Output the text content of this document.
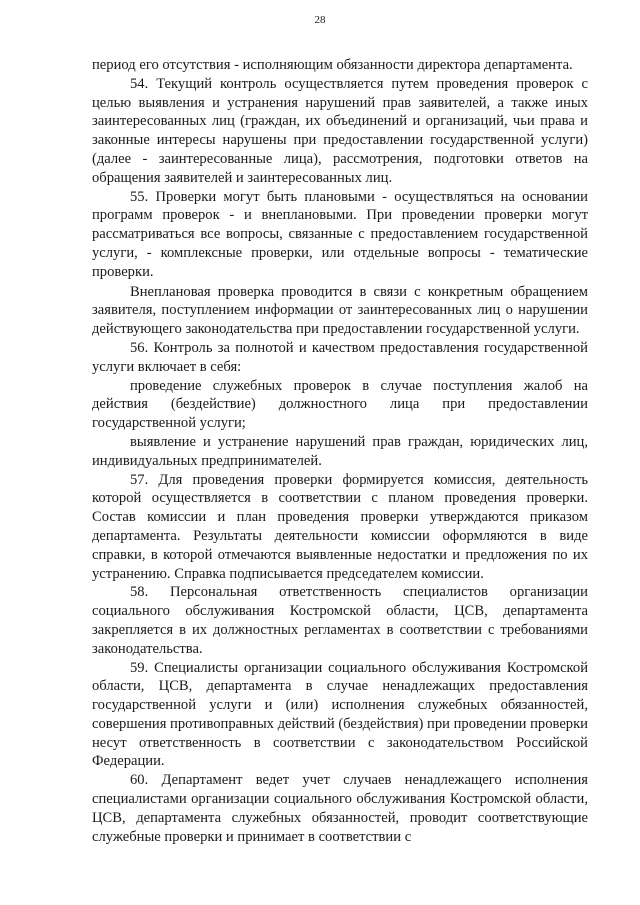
28

период его отсутствия - исполняющим обязанности директора департамента.

54. Текущий контроль осуществляется путем проведения проверок с целью выявления и устранения нарушений прав заявителей, а также иных заинтересованных лиц (граждан, их объединений и организаций, чьи права и законные интересы нарушены при предоставлении государственной услуги) (далее - заинтересованные лица), рассмотрения, подготовки ответов на обращения заявителей и заинтересованных лиц.

55. Проверки могут быть плановыми - осуществляться на основании программ проверок - и внеплановыми. При проведении проверки могут рассматриваться все вопросы, связанные с предоставлением государственной услуги, - комплексные проверки, или отдельные вопросы - тематические проверки.

Внеплановая проверка проводится в связи с конкретным обращением заявителя, поступлением информации от заинтересованных лиц о нарушении действующего законодательства при предоставлении государственной услуги.

56. Контроль за полнотой и качеством предоставления государственной услуги включает в себя:

проведение служебных проверок в случае поступления жалоб на действия (бездействие) должностного лица при предоставлении государственной услуги;

выявление и устранение нарушений прав граждан, юридических лиц, индивидуальных предпринимателей.

57. Для проведения проверки формируется комиссия, деятельность которой осуществляется в соответствии с планом проведения проверки. Состав комиссии и план проведения проверки утверждаются приказом департамента. Результаты деятельности комиссии оформляются в виде справки, в которой отмечаются выявленные недостатки и предложения по их устранению. Справка подписывается председателем комиссии.

58. Персональная ответственность специалистов организации социального обслуживания Костромской области, ЦСВ, департамента закрепляется в их должностных регламентах в соответствии с требованиями законодательства.

59. Специалисты организации социального обслуживания Костромской области, ЦСВ, департамента в случае ненадлежащих предоставления государственной услуги и (или) исполнения служебных обязанностей, совершения противоправных действий (бездействия) при проведении проверки несут ответственность в соответствии с законодательством Российской Федерации.

60. Департамент ведет учет случаев ненадлежащего исполнения специалистами организации социального обслуживания Костромской области, ЦСВ, департамента служебных обязанностей, проводит соответствующие служебные проверки и принимает в соответствии с
